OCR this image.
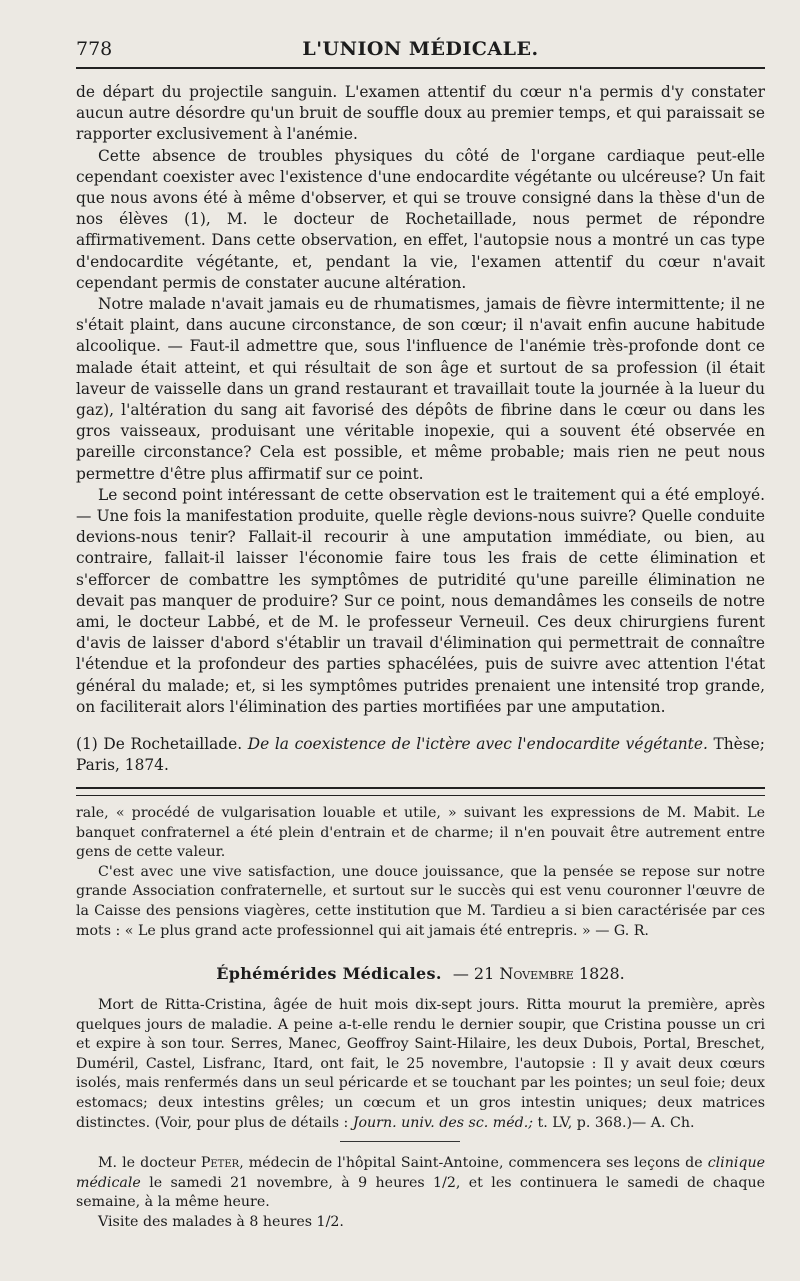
778	L'UNION MÉDICALE.

de départ du projectile sanguin. L'examen attentif du cœur n'a permis d'y constater aucun autre désordre qu'un bruit de souffle doux au premier temps, et qui paraissait se rapporter exclusivement à l'anémie.

Cette absence de troubles physiques du côté de l'organe cardiaque peut-elle cependant coexister avec l'existence d'une endocardite végétante ou ulcéreuse? Un fait que nous avons été à même d'observer, et qui se trouve consigné dans la thèse d'un de nos élèves (1), M. le docteur de Rochetaillade, nous permet de répondre affirmativement. Dans cette observation, en effet, l'autopsie nous a montré un cas type d'endocardite végétante, et, pendant la vie, l'examen attentif du cœur n'avait cependant permis de constater aucune altération.

Notre malade n'avait jamais eu de rhumatismes, jamais de fièvre intermittente; il ne s'était plaint, dans aucune circonstance, de son cœur; il n'avait enfin aucune habitude alcoolique. — Faut-il admettre que, sous l'influence de l'anémie très-profonde dont ce malade était atteint, et qui résultait de son âge et surtout de sa profession (il était laveur de vaisselle dans un grand restaurant et travaillait toute la journée à la lueur du gaz), l'altération du sang ait favorisé des dépôts de fibrine dans le cœur ou dans les gros vaisseaux, produisant une véritable inopexie, qui a souvent été observée en pareille circonstance? Cela est possible, et même probable; mais rien ne peut nous permettre d'être plus affirmatif sur ce point.

Le second point intéressant de cette observation est le traitement qui a été employé. — Une fois la manifestation produite, quelle règle devions-nous suivre? Quelle conduite devions-nous tenir? Fallait-il recourir à une amputation immédiate, ou bien, au contraire, fallait-il laisser l'économie faire tous les frais de cette élimination et s'efforcer de combattre les symptômes de putridité qu'une pareille élimination ne devait pas manquer de produire? Sur ce point, nous demandâmes les conseils de notre ami, le docteur Labbé, et de M. le professeur Verneuil. Ces deux chirurgiens furent d'avis de laisser d'abord s'établir un travail d'élimination qui permettrait de connaître l'étendue et la profondeur des parties sphacélées, puis de suivre avec attention l'état général du malade; et, si les symptômes putrides prenaient une intensité trop grande, on faciliterait alors l'élimination des parties mortifiées par une amputation.

(1) De Rochetaillade. De la coexistence de l'ictère avec l'endocardite végétante. Thèse; Paris, 1874.

rale, « procédé de vulgarisation louable et utile, » suivant les expressions de M. Mabit. Le banquet confraternel a été plein d'entrain et de charme; il n'en pouvait être autrement entre gens de cette valeur.

C'est avec une vive satisfaction, une douce jouissance, que la pensée se repose sur notre grande Association confraternelle, et surtout sur le succès qui est venu couronner l'œuvre de la Caisse des pensions viagères, cette institution que M. Tardieu a si bien caractérisée par ces mots : « Le plus grand acte professionnel qui ait jamais été entrepris. » — G. R.

Éphémérides Médicales. — 21 Novembre 1828.

Mort de Ritta-Cristina, âgée de huit mois dix-sept jours. Ritta mourut la première, après quelques jours de maladie. A peine a-t-elle rendu le dernier soupir, que Cristina pousse un cri et expire à son tour. Serres, Manec, Geoffroy Saint-Hilaire, les deux Dubois, Portal, Breschet, Duméril, Castel, Lisfranc, Itard, ont fait, le 25 novembre, l'autopsie : Il y avait deux cœurs isolés, mais renfermés dans un seul péricarde et se touchant par les pointes; un seul foie; deux estomacs; deux intestins grêles; un cœcum et un gros intestin uniques; deux matrices distinctes. (Voir, pour plus de détails : Journ. univ. des sc. méd.; t. LV, p. 368.)— A. Ch.

M. le docteur Peter, médecin de l'hôpital Saint-Antoine, commencera ses leçons de clinique médicale le samedi 21 novembre, à 9 heures 1/2, et les continuera le samedi de chaque semaine, à la même heure.

Visite des malades à 8 heures 1/2.
